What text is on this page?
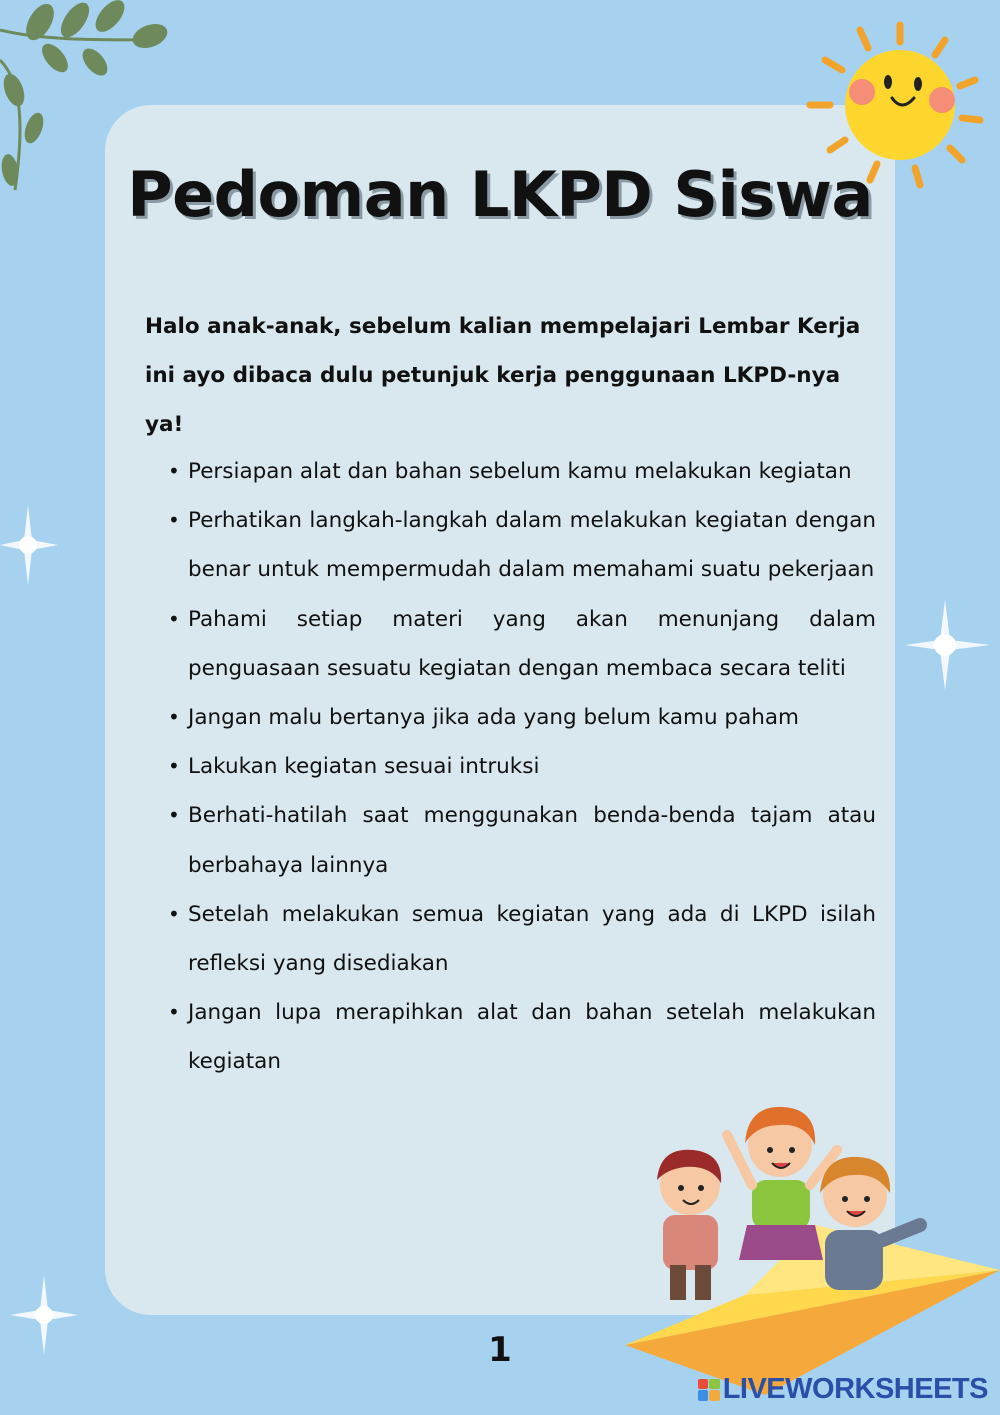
Pedoman LKPD Siswa

Halo anak-anak, sebelum kalian mempelajari Lembar Kerja ini ayo dibaca dulu petunjuk kerja penggunaan LKPD-nya ya!

• Persiapan alat dan bahan sebelum kamu melakukan kegiatan
• Perhatikan langkah-langkah dalam melakukan kegiatan dengan benar untuk mempermudah dalam memahami suatu pekerjaan
• Pahami setiap materi yang akan menunjang dalam penguasaan sesuatu kegiatan dengan membaca secara teliti
• Jangan malu bertanya jika ada yang belum kamu paham
• Lakukan kegiatan sesuai intruksi
• Berhati-hatilah saat menggunakan benda-benda tajam atau berbahaya lainnya
• Setelah melakukan semua kegiatan yang ada di LKPD isilah refleksi yang disediakan
• Jangan lupa merapihkan alat dan bahan setelah melakukan kegiatan
1
LIVEWORKSHEETS
